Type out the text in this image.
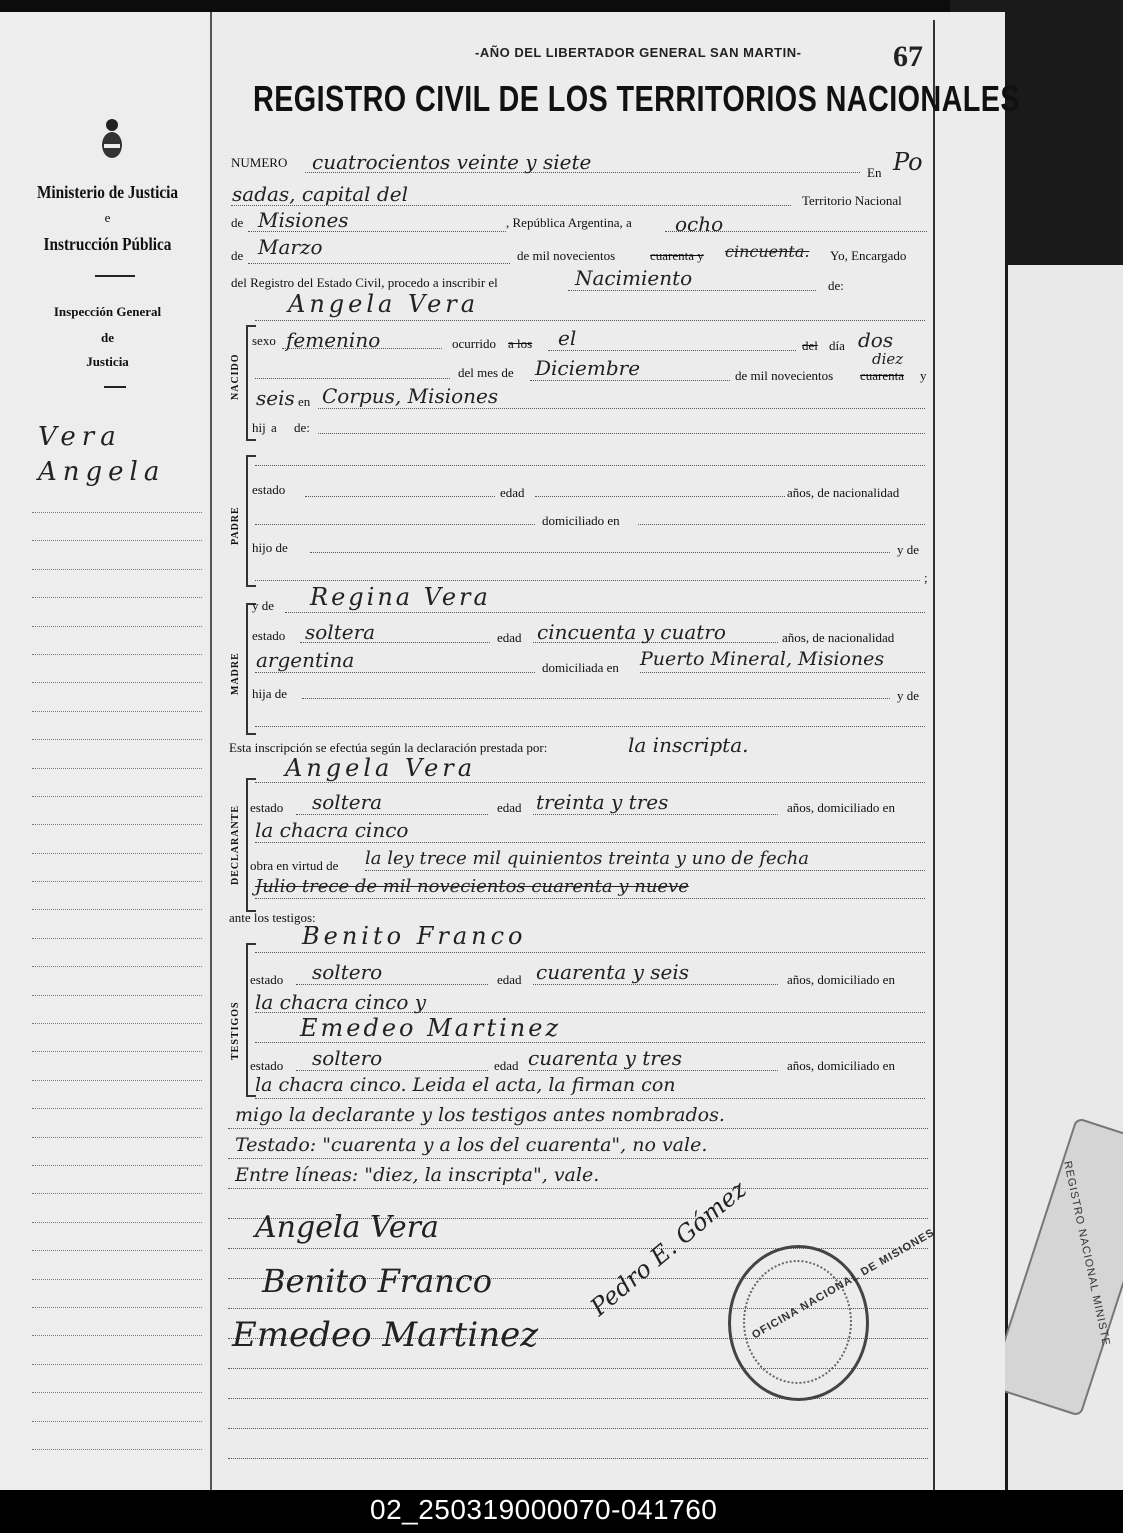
REGISTRO NACIONAL MINISTE
Ministerio de Justicia
e
Instrucción Pública
Inspección General
de
Justicia
Vera
Angela
-AÑO DEL LIBERTADOR GENERAL SAN MARTIN-	67
REGISTRO CIVIL DE LOS TERRITORIOS NACIONALES
NUMERO cuatrocientos veinte y siete	En Po
sadas, capital del	Territorio Nacional
de Misiones	, República Argentina, a ocho
de Marzo	de mil novecientos	cuarenta y cincuenta. Yo, Encargado
del Registro del Estado Civil, procedo a inscribir el	Nacimiento	de:
NACIDO
Angela Vera
sexo femenino	ocurrido a los el	del día dos
del mes de Diciembre	de mil novecientos cuarenta
diez
y
seis en Corpus, Misiones
hij a de:
PADRE
estado	edad	años, de nacionalidad
domiciliado en
hijo de	y de
;
MADRE
y de Regina Vera
estado soltera	edad cincuenta y cuatro	años, de nacionalidad
argentina	domiciliada en Puerto Mineral, Misiones
hija de	y de
Esta inscripción se efectúa según la declaración prestada por:	la inscripta.
DECLARANTE
Angela Vera
estado soltera	edad treinta y tres	años, domiciliado en
la chacra cinco
obra en virtud de la ley trece mil quinientos treinta y uno de fecha
Julio trece de mil novecientos cuarenta y nueve
ante los testigos:
TESTIGOS
Benito Franco
estado soltero	edad cuarenta y seis	años, domiciliado en
la chacra cinco y
Emedeo Martinez
estado soltero	edad cuarenta y tres	años, domiciliado en
la chacra cinco. Leida el acta, la firman con
migo la declarante y los testigos antes nombrados.
Testado: "cuarenta y a los del cuarenta", no vale.
Entre líneas: "diez, la inscripta", vale.
Angela Vera
Benito Franco
Emedeo Martinez
Pedro E. Gómez
OFICINA NACIONAL DE MISIONES
02_250319000070-041760
